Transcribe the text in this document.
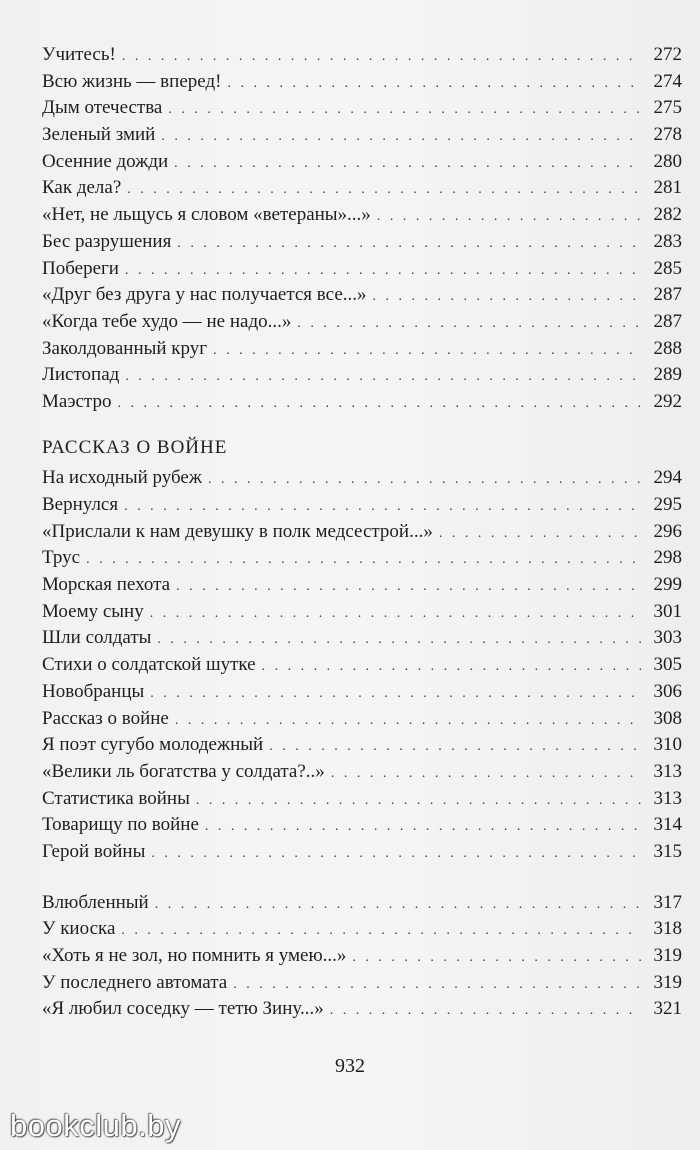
Учитесь! . . .	272
Всю жизнь — вперед! . . .	274
Дым отечества . . .	275
Зеленый змий . . .	278
Осенние дожди . . .	280
Как дела? . . .	281
«Нет, не льщусь я словом «ветераны»...» . . .	282
Бес разрушения . . .	283
Побереги . . .	285
«Друг без друга у нас получается все...» . . .	287
«Когда тебе худо — не надо...» . . .	287
Заколдованный круг . . .	288
Листопад . . .	289
Маэстро . . .	292
РАССКАЗ О ВОЙНЕ
На исходный рубеж . . .	294
Вернулся . . .	295
«Прислали к нам девушку в полк медсестрой...» . . .	296
Трус . . .	298
Морская пехота . . .	299
Моему сыну . . .	301
Шли солдаты . . .	303
Стихи о солдатской шутке . . .	305
Новобранцы . . .	306
Рассказ о войне . . .	308
Я поэт сугубо молодежный . . .	310
«Велики ль богатства у солдата?..» . . .	313
Статистика войны . . .	313
Товарищу по войне . . .	314
Герой войны . . .	315
Влюбленный . . .	317
У киоска . . .	318
«Хоть я не зол, но помнить я умею...» . . .	319
У последнего автомата . . .	319
«Я любил соседку — тетю Зину...» . . .	321
932
bookclub.by
